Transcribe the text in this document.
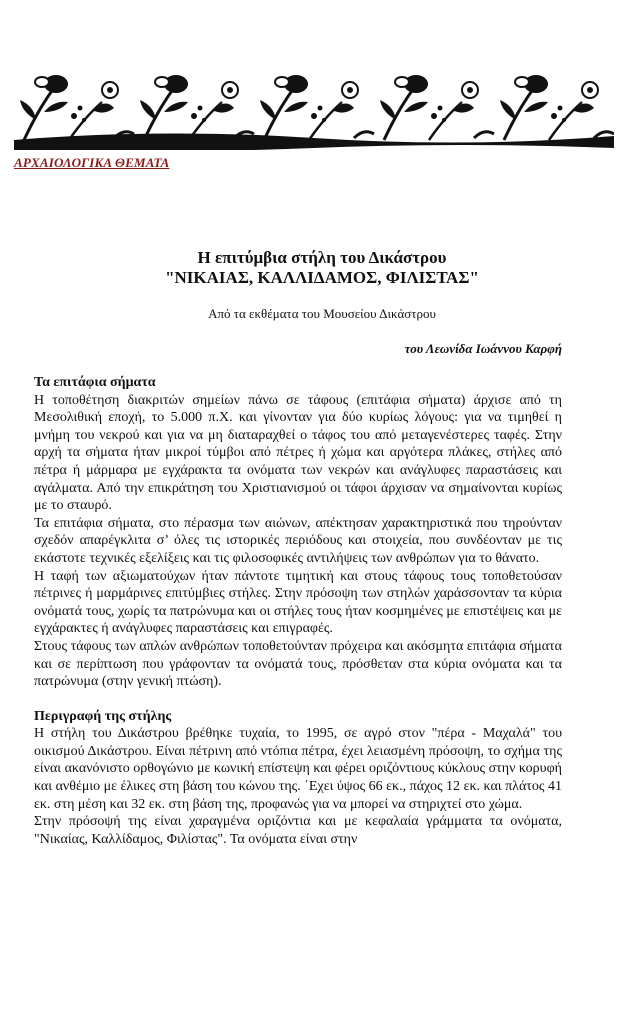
ΑΡΧΑΙΟΛΟΓΙΚΑ ΘΕΜΑΤΑ
Η επιτύμβια στήλη του Δικάστρου
"ΝΙΚΑΙΑΣ, ΚΑΛΛΙΔΑΜΟΣ, ΦΙΛΙΣΤΑΣ"
Από τα εκθέματα του Μουσείου Δικάστρου
του Λεωνίδα Ιωάννου Καρφή

Τα επιτάφια σήματα

Η τοποθέτηση διακριτών σημείων πάνω σε τάφους (επιτάφια σήματα) άρχισε από τη Μεσολιθική εποχή, το 5.000 π.Χ. και γίνονταν για δύο κυρίως λόγους: για να τιμηθεί η μνήμη του νεκρού και για να μη διαταραχθεί ο τάφος του από μεταγενέστερες ταφές. Στην αρχή τα σήματα ήταν μικροί τύμβοι από πέτρες ή χώμα και αργότερα πλάκες, στήλες από πέτρα ή μάρμαρα με εγχάρακτα τα ονόματα των νεκρών και ανάγλυφες παραστάσεις και αγάλματα. Από την επικράτηση του Χριστιανισμού οι τάφοι άρχισαν να σημαίνονται κυρίως με το σταυρό.

Τα επιτάφια σήματα, στο πέρασμα των αιώνων, απέκτησαν χαρακτηριστικά που τηρούνταν σχεδόν απαρέγκλιτα σ’ όλες τις ιστορικές περιόδους και στοιχεία, που συνδέονταν με τις εκάστοτε τεχνικές εξελίξεις και τις φιλοσοφικές αντιλήψεις των ανθρώπων για το θάνατο.

Η ταφή των αξιωματούχων ήταν πάντοτε τιμητική και στους τάφους τους τοποθετούσαν πέτρινες ή μαρμάρινες επιτύμβιες στήλες. Στην πρόσοψη των στηλών χαράσσονταν τα κύρια ονόματά τους, χωρίς τα πατρώνυμα και οι στήλες τους ήταν κοσμημένες με επιστέψεις και με εγχάρακτες ή ανάγλυφες παραστάσεις και επιγραφές.

Στους τάφους των απλών ανθρώπων τοποθετούνταν πρόχειρα και ακόσμητα επιτάφια σήματα και σε περίπτωση που γράφονταν τα ονόματά τους, πρόσθεταν στα κύρια ονόματα και τα πατρώνυμα (στην γενική πτώση).

Περιγραφή της στήλης

Η στήλη του Δικάστρου βρέθηκε τυχαία, το 1995, σε αγρό στον "πέρα - Μαχαλά" του οικισμού Δικάστρου. Είναι πέτρινη από ντόπια πέτρα, έχει λειασμένη πρόσοψη, το σχήμα της είναι ακανόνιστο ορθογώνιο με κωνική επίστεψη και φέρει οριζόντιους κύκλους στην κορυφή και ανθέμιο με έλικες στη βάση του κώνου της. ΄Εχει ύψος 66 εκ., πάχος 12 εκ. και πλάτος 41 εκ. στη μέση και 32 εκ. στη βάση της, προφανώς για να μπορεί να στηριχτεί στο χώμα.

Στην πρόσοψή της είναι χαραγμένα οριζόντια και με κεφαλαία γράμματα τα ονόματα, "Νικαίας, Καλλίδαμος, Φιλίστας". Τα ονόματα είναι στην
